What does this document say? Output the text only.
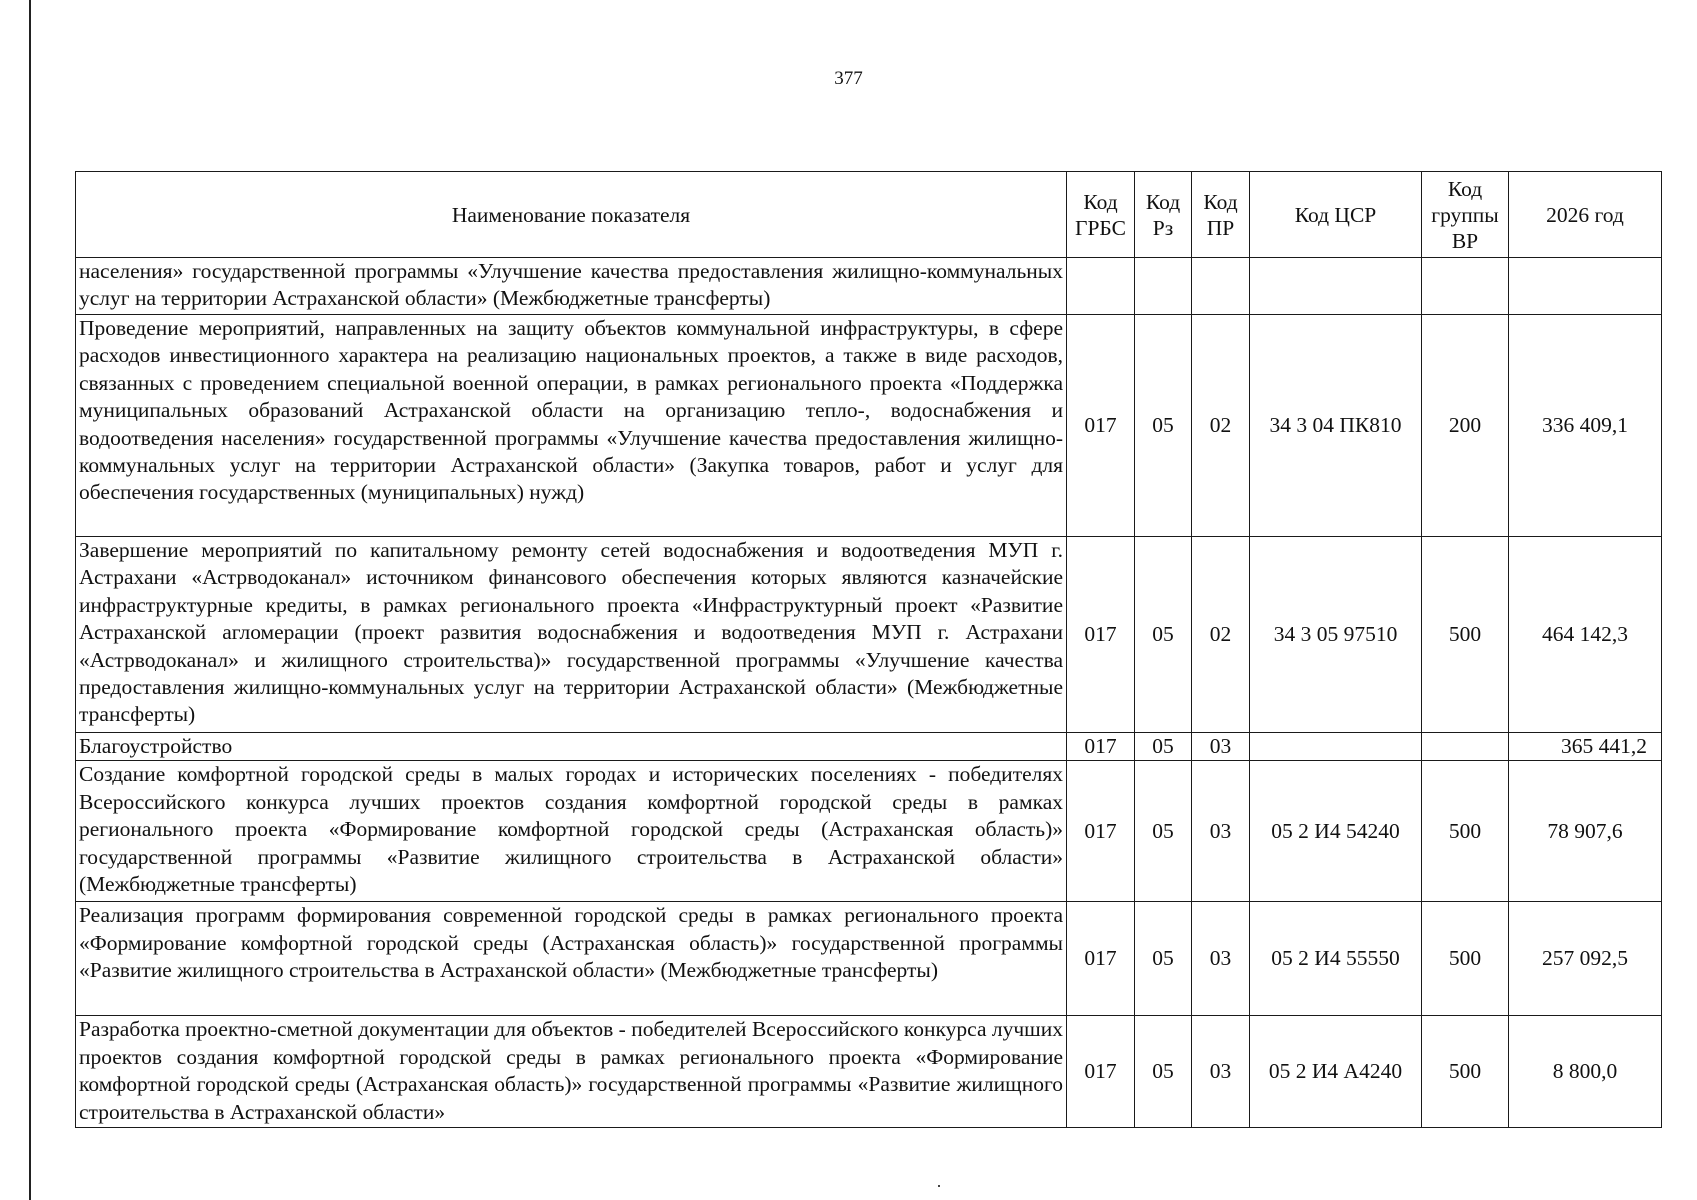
377
Наименование показателя	Код ГРБС	Код Рз	Код ПР	Код ЦСР	Код группы ВР	2026 год
населения» государственной программы «Улучшение качества предоставления жилищно-коммунальных услуг на территории Астраханской области» (Межбюджетные трансферты)						
Проведение мероприятий, направленных на защиту объектов коммунальной инфраструктуры, в сфере расходов инвестиционного характера на реализацию национальных проектов, а также в виде расходов, связанных с проведением специальной военной операции, в рамках регионального проекта «Поддержка муниципальных образований Астраханской области на организацию тепло-, водоснабжения и водоотведения населения» государственной программы «Улучшение качества предоставления жилищно-коммунальных услуг на территории Астраханской области» (Закупка товаров, работ и услуг для обеспечения государственных (муниципальных) нужд)	017	05	02	34 3 04 ПК810	200	336 409,1
Завершение мероприятий по капитальному ремонту сетей водоснабжения и водоотведения МУП г. Астрахани «Астрводоканал» источником финансового обеспечения которых являются казначейские инфраструктурные кредиты, в рамках регионального проекта «Инфраструктурный проект «Развитие Астраханской агломерации (проект развития водоснабжения и водоотведения МУП г. Астрахани «Астрводоканал» и жилищного строительства)» государственной программы «Улучшение качества предоставления жилищно-коммунальных услуг на территории Астраханской области» (Межбюджетные трансферты)	017	05	02	34 3 05 97510	500	464 142,3
Благоустройство	017	05	03			365 441,2
Создание комфортной городской среды в малых городах и исторических поселениях - победителях Всероссийского конкурса лучших проектов создания комфортной городской среды в рамках регионального проекта «Формирование комфортной городской среды (Астраханская область)» государственной программы «Развитие жилищного строительства в Астраханской области» (Межбюджетные трансферты)	017	05	03	05 2 И4 54240	500	78 907,6
Реализация программ формирования современной городской среды в рамках регионального проекта «Формирование комфортной городской среды (Астраханская область)» государственной программы «Развитие жилищного строительства в Астраханской области» (Межбюджетные трансферты)	017	05	03	05 2 И4 55550	500	257 092,5
Разработка проектно-сметной документации для объектов - победителей Всероссийского конкурса лучших проектов создания комфортной городской среды в рамках регионального проекта «Формирование комфортной городской среды (Астраханская область)» государственной программы «Развитие жилищного строительства в Астраханской области»	017	05	03	05 2 И4 А4240	500	8 800,0
